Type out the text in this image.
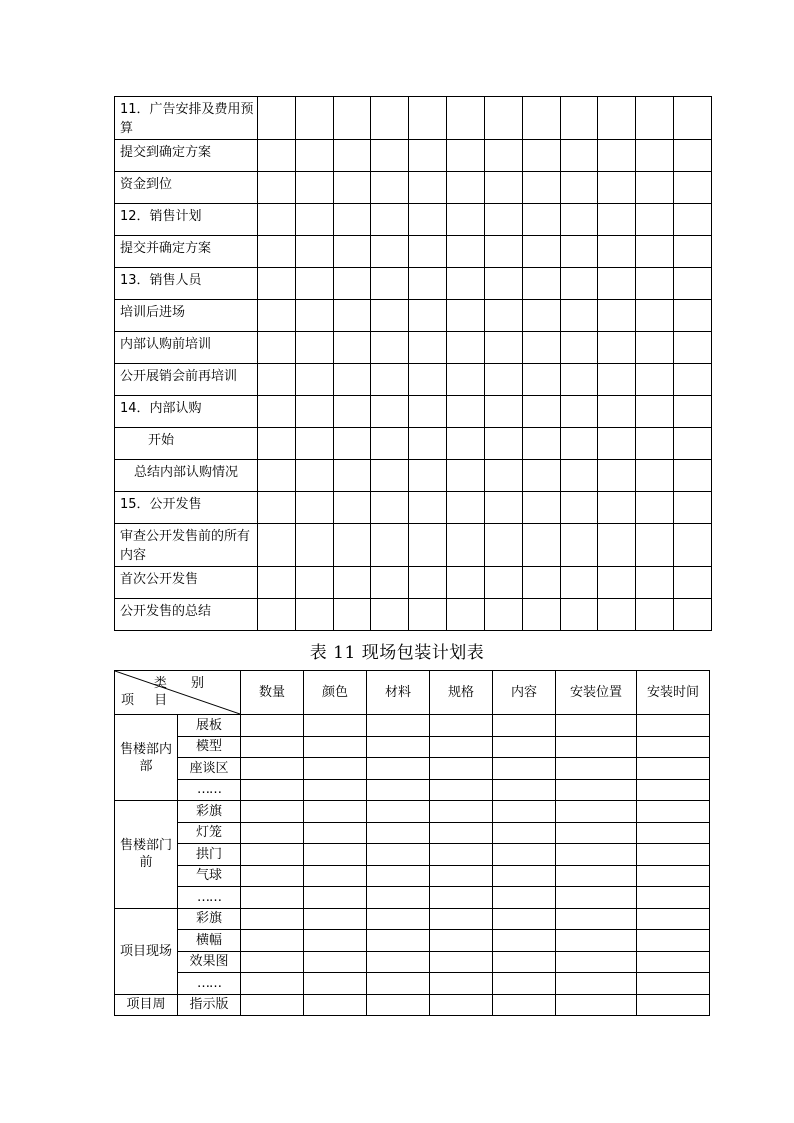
11．广告安排及费用预算												
提交到确定方案												
资金到位												
12．销售计划												
提交并确定方案												
13．销售人员												
培训后进场												
内部认购前培训												
公开展销会前再培训												
14．内部认购												
开始												
总结内部认购情况												
15．公开发售												
审查公开发售前的所有内容												
首次公开发售												
公开发售的总结												
表 11 现场包装计划表
类 别
项 目		数量	颜色	材料	规格	内容	安装位置	安装时间
售楼部内部	展板							
	模型							
	座谈区							
	……							
售楼部门前	彩旗							
	灯笼							
	拱门							
	气球							
	……							
项目现场	彩旗							
	横幅							
	效果图							
	……							
项目周	指示版							
